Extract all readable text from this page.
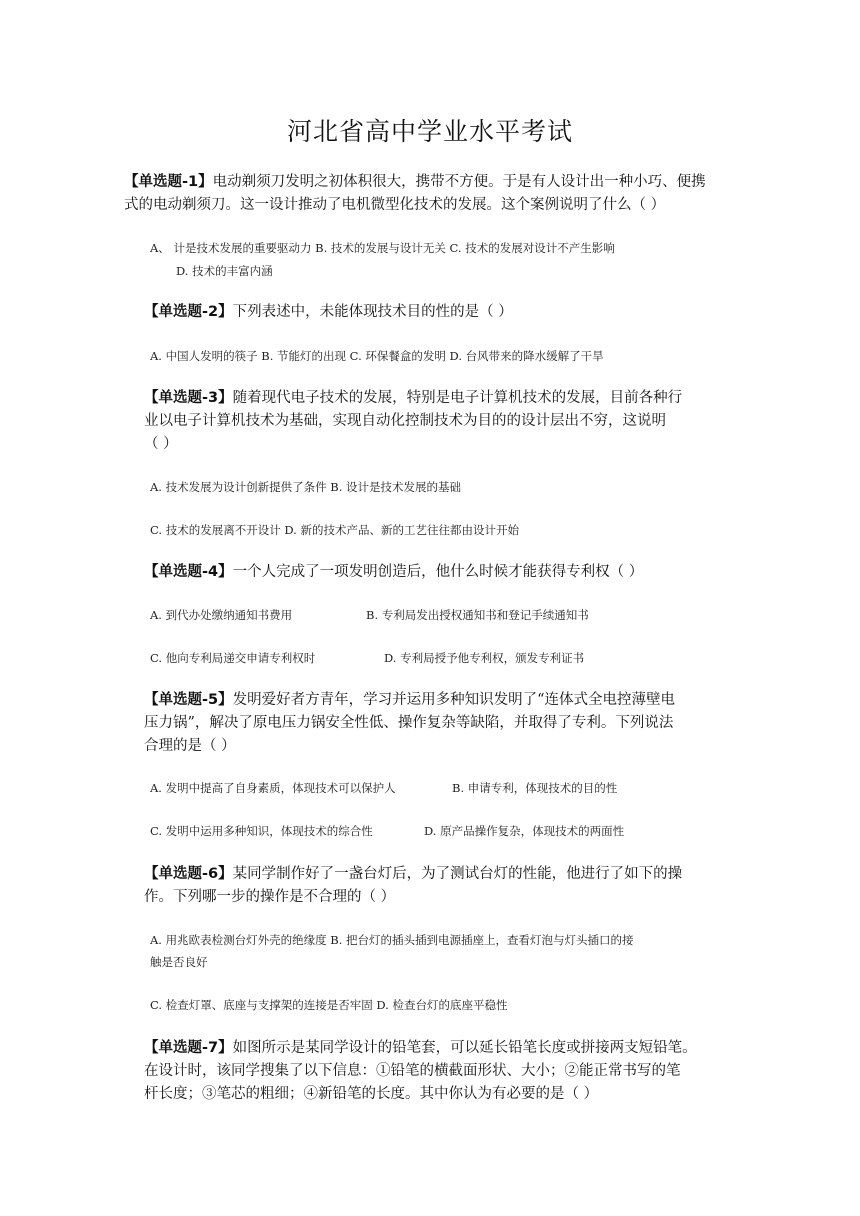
河北省高中学业水平考试
【单选题-1】电动剃须刀发明之初体积很大，携带不方便。于是有人设计出一种小巧、便携
式的电动剃须刀。这一设计推动了电机微型化技术的发展。这个案例说明了什么（ ）
A、 计是技术发展的重要驱动力 B. 技术的发展与设计无关 C. 技术的发展对设计不产生影响
D. 技术的丰富内涵
【单选题-2】下列表述中，未能体现技术目的性的是（ ）
A. 中国人发明的筷子 B. 节能灯的出现 C. 环保餐盒的发明 D. 台风带来的降水缓解了干旱
【单选题-3】随着现代电子技术的发展，特别是电子计算机技术的发展，目前各种行
业以电子计算机技术为基础，实现自动化控制技术为目的的设计层出不穷，这说明
（ ）
A. 技术发展为设计创新提供了条件 B. 设计是技术发展的基础
C. 技术的发展离不开设计 D. 新的技术产品、新的工艺往往都由设计开始
【单选题-4】一个人完成了一项发明创造后，他什么时候才能获得专利权（ ）
A. 到代办处缴纳通知书费用	B. 专利局发出授权通知书和登记手续通知书
C. 他向专利局递交申请专利权时	D. 专利局授予他专利权，颁发专利证书
【单选题-5】发明爱好者方青年，学习并运用多种知识发明了“连体式全电控薄壁电
压力锅”，解决了原电压力锅安全性低、操作复杂等缺陷，并取得了专利。下列说法
合理的是（ ）
A. 发明中提高了自身素质，体现技术可以保护人	B. 申请专利，体现技术的目的性
C. 发明中运用多种知识，体现技术的综合性	D. 原产品操作复杂，体现技术的两面性
【单选题-6】某同学制作好了一盏台灯后，为了测试台灯的性能，他进行了如下的操
作。下列哪一步的操作是不合理的（ ）
A. 用兆欧表检测台灯外壳的绝缘度 B. 把台灯的插头插到电源插座上，查看灯泡与灯头插口的接
触是否良好
C. 检查灯罩、底座与支撑架的连接是否牢固 D. 检查台灯的底座平稳性
【单选题-7】如图所示是某同学设计的铅笔套，可以延长铅笔长度或拼接两支短铅笔。
在设计时，该同学搜集了以下信息：①铅笔的横截面形状、大小；②能正常书写的笔
杆长度；③笔芯的粗细；④新铅笔的长度。其中你认为有必要的是（ ）
